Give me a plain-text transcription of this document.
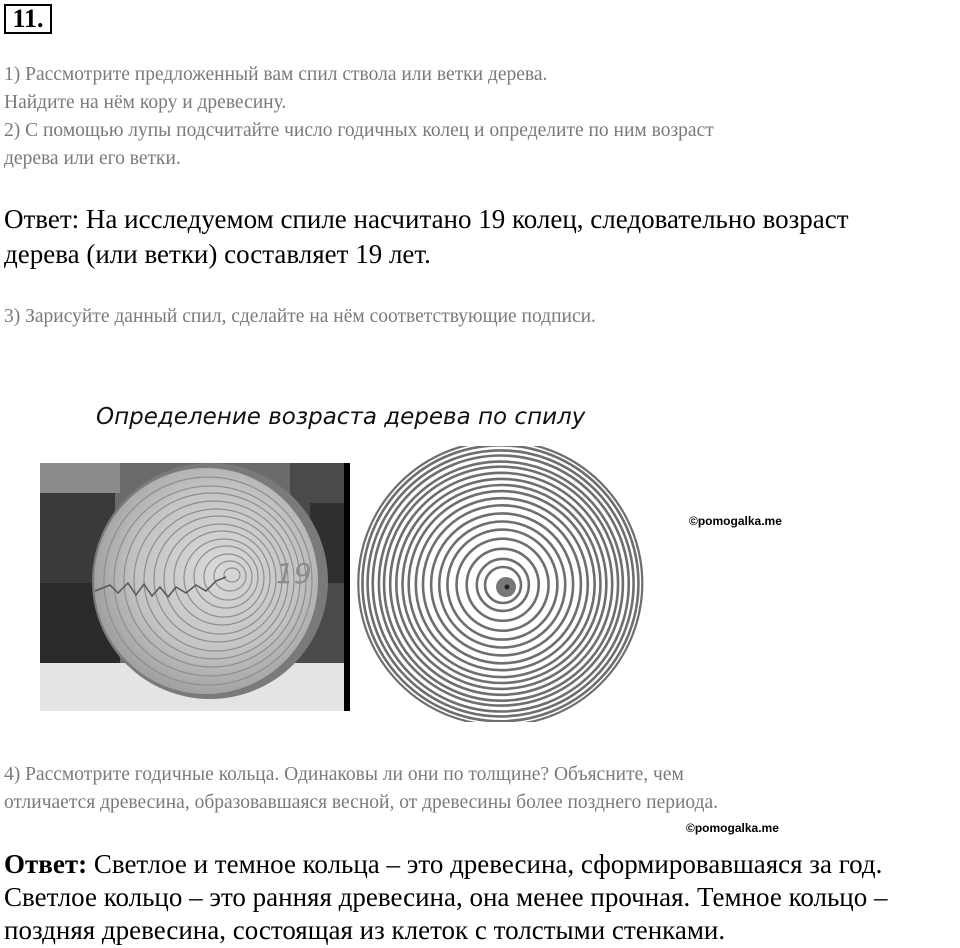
11.
1) Рассмотрите предложенный вам спил ствола или ветки дерева.
Найдите на нём кору и древесину.
2) С помощью лупы подсчитайте число годичных колец и определите по ним возраст
дерева или его ветки.
Ответ: На исследуемом спиле насчитано 19 колец, следовательно возраст
дерева (или ветки) составляет 19 лет.
3) Зарисуйте данный спил, сделайте на нём соответствующие подписи.
Определение возраста дерева по спилу
19
©pomogalka.me
4) Рассмотрите годичные кольца. Одинаковы ли они по толщине? Объясните, чем
отличается древесина, образовавшаяся весной, от древесины более позднего периода.
©pomogalka.me
Ответ: Светлое и темное кольца – это древесина, сформировавшаяся за год.
Светлое кольцо – это ранняя древесина, она менее прочная. Темное кольцо –
поздняя древесина, состоящая из клеток с толстыми стенками.
